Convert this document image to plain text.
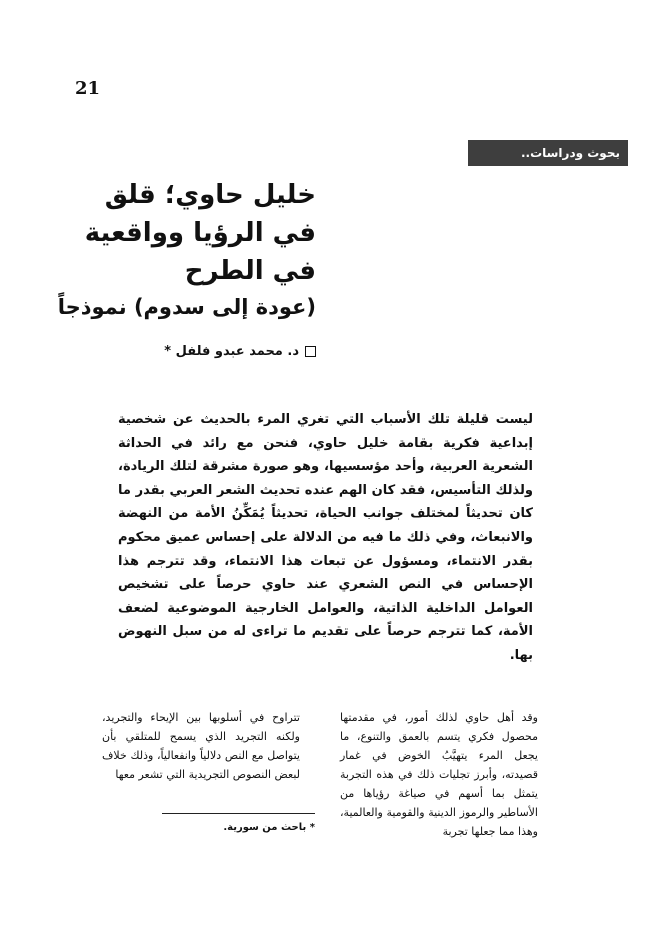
21
بحوث ودراسات..
خليل حاوي؛ قلق
في الرؤيا وواقعية
في الطرح
(عودة إلى سدوم) نموذجاً
د. محمد عبدو فلفل *

ليست قليلة تلك الأسباب التي تغري المرء بالحديث عن شخصية إبداعية فكرية بقامة خليل حاوي، فنحن مع رائد في الحداثة الشعرية العربية، وأحد مؤسسيها، وهو صورة مشرقة لتلك الريادة، ولذلك التأسيس، فقد كان الهم عنده تحديث الشعر العربي بقدر ما كان تحديثاً لمختلف جوانب الحياة، تحديثاً يُمَكِّنُ الأمة من النهضة والانبعاث، وفي ذلك ما فيه من الدلالة على إحساس عميق محكوم بقدر الانتماء، ومسؤول عن تبعات هذا الانتماء، وقد تترجم هذا الإحساس في النص الشعري عند حاوي حرصاً على تشخيص العوامل الداخلية الذاتية، والعوامل الخارجية الموضوعية لضعف الأمة، كما تترجم حرصاً على تقديم ما تراءى له من سبل النهوض بها.

وقد أهل حاوي لذلك أمور، في مقدمتها محصول فكري يتسم بالعمق والتنوع، ما يجعل المرء يتهيَّبُ الخوض في غمار قصيدته، وأبرز تجليات ذلك في هذه التجربة يتمثل بما أسهم في صياغة رؤياها من الأساطير والرموز الدينية والقومية والعالمية، وهذا مما جعلها تجربة

تتراوح في أسلوبها بين الإيحاء والتجريد، ولكنه التجريد الذي يسمح للمتلقي بأن يتواصل مع النص دلالياً وانفعالياً، وذلك خلاف لبعض النصوص التجريدية التي تشعر معها

* باحث من سورية.
